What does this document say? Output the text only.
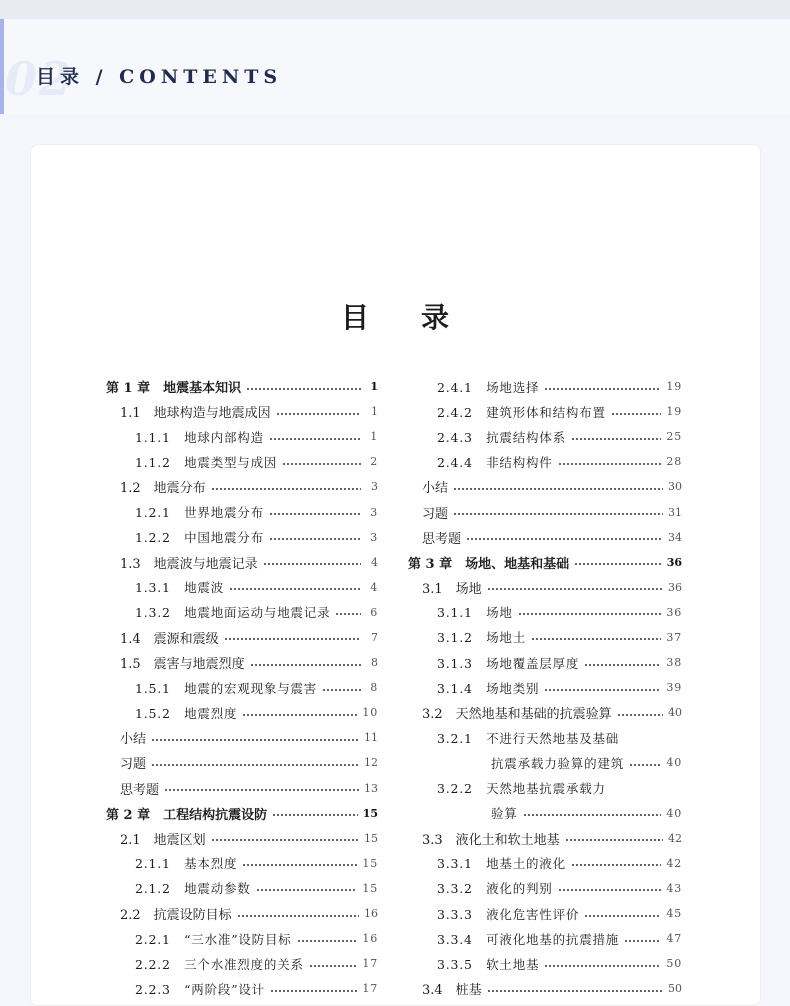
02
目录 / CONTENTS
目录
第 1 章　地震基本知识	1
1.1　地球构造与地震成因	1
1.1.1　地球内部构造	1
1.1.2　地震类型与成因	2
1.2　地震分布	3
1.2.1　世界地震分布	3
1.2.2　中国地震分布	3
1.3　地震波与地震记录	4
1.3.1　地震波	4
1.3.2　地震地面运动与地震记录	6
1.4　震源和震级	7
1.5　震害与地震烈度	8
1.5.1　地震的宏观现象与震害	8
1.5.2　地震烈度	10
小结	11
习题	12
思考题	13
第 2 章　工程结构抗震设防	15
2.1　地震区划	15
2.1.1　基本烈度	15
2.1.2　地震动参数	15
2.2　抗震设防目标	16
2.2.1　“三水准”设防目标	16
2.2.2　三个水准烈度的关系	17
2.2.3　“两阶段”设计	17
2.4.1　场地选择	19
2.4.2　建筑形体和结构布置	19
2.4.3　抗震结构体系	25
2.4.4　非结构构件	28
小结	30
习题	31
思考题	34
第 3 章　场地、地基和基础	36
3.1　场地	36
3.1.1　场地	36
3.1.2　场地土	37
3.1.3　场地覆盖层厚度	38
3.1.4　场地类别	39
3.2　天然地基和基础的抗震验算	40
3.2.1　不进行天然地基及基础
抗震承载力验算的建筑	40
3.2.2　天然地基抗震承载力
验算	40
3.3　液化土和软土地基	42
3.3.1　地基土的液化	42
3.3.2　液化的判别	43
3.3.3　液化危害性评价	45
3.3.4　可液化地基的抗震措施	47
3.3.5　软土地基	50
3.4　桩基	50
